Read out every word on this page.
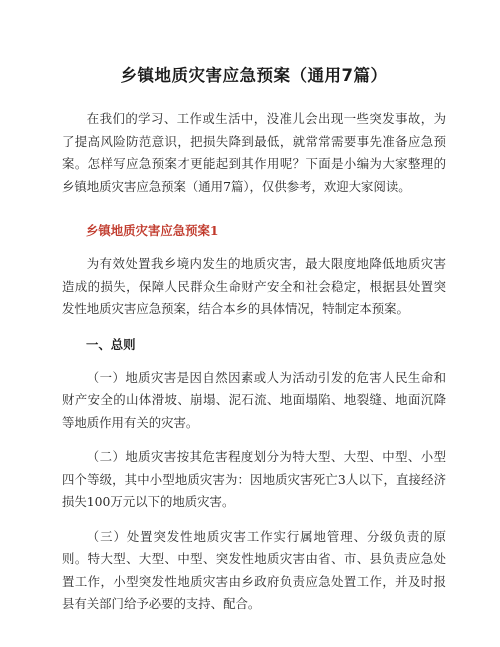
乡镇地质灾害应急预案（通用7篇）

在我们的学习、工作或生活中，没准儿会出现一些突发事故，为了提高风险防范意识，把损失降到最低，就常常需要事先准备应急预案。怎样写应急预案才更能起到其作用呢？下面是小编为大家整理的乡镇地质灾害应急预案（通用7篇），仅供参考，欢迎大家阅读。

乡镇地质灾害应急预案1

为有效处置我乡境内发生的地质灾害，最大限度地降低地质灾害造成的损失，保障人民群众生命财产安全和社会稳定，根据县处置突发性地质灾害应急预案，结合本乡的具体情况，特制定本预案。

一、总则

（一）地质灾害是因自然因素或人为活动引发的危害人民生命和财产安全的山体滑坡、崩塌、泥石流、地面塌陷、地裂缝、地面沉降等地质作用有关的灾害。

（二）地质灾害按其危害程度划分为特大型、大型、中型、小型四个等级，其中小型地质灾害为：因地质灾害死亡3人以下，直接经济损失100万元以下的地质灾害。

（三）处置突发性地质灾害工作实行属地管理、分级负责的原则。特大型、大型、中型、突发性地质灾害由省、市、县负责应急处置工作，小型突发性地质灾害由乡政府负责应急处置工作，并及时报县有关部门给予必要的支持、配合。
